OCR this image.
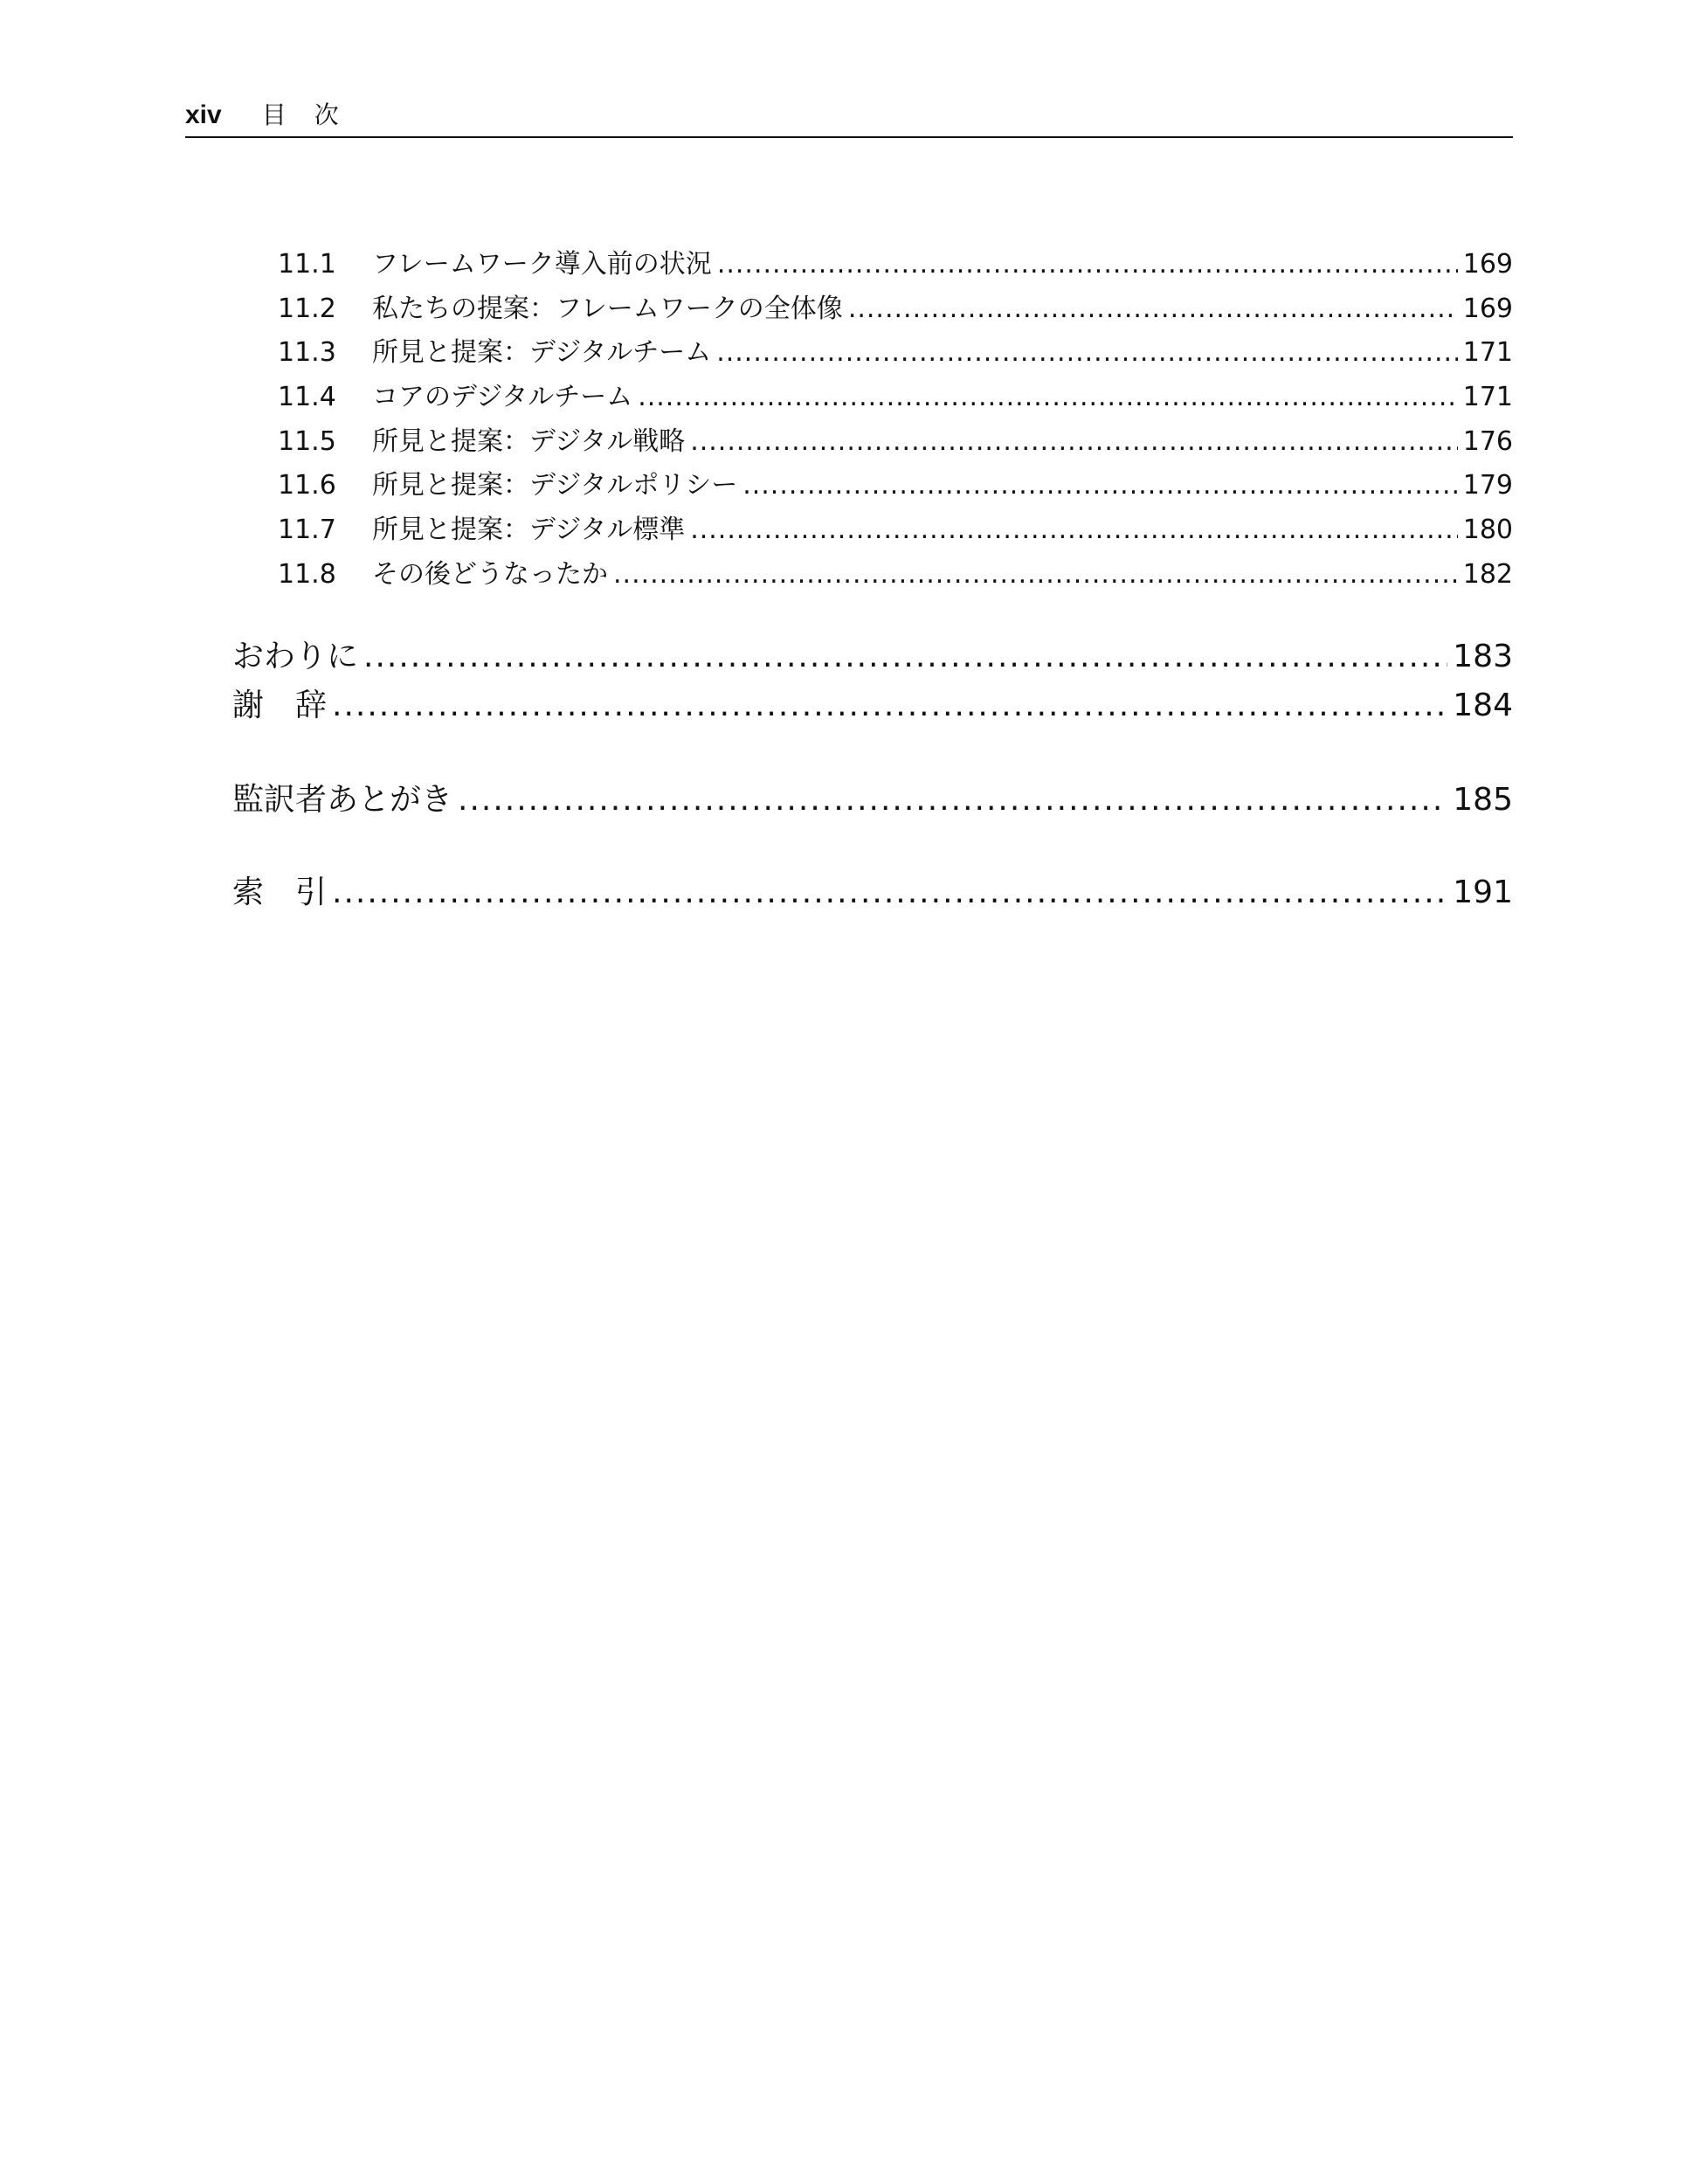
xiv 目　次
11.1	フレームワーク導入前の状況 .....	169
11.2	私たちの提案：フレームワークの全体像 .....	169
11.3	所見と提案：デジタルチーム .....	171
11.4	コアのデジタルチーム .....	171
11.5	所見と提案：デジタル戦略 .....	176
11.6	所見と提案：デジタルポリシー .....	179
11.7	所見と提案：デジタル標準 .....	180
11.8	その後どうなったか .....	182
おわりに .....	183
謝　辞 .....	184
監訳者あとがき .....	185
索　引 .....	191
